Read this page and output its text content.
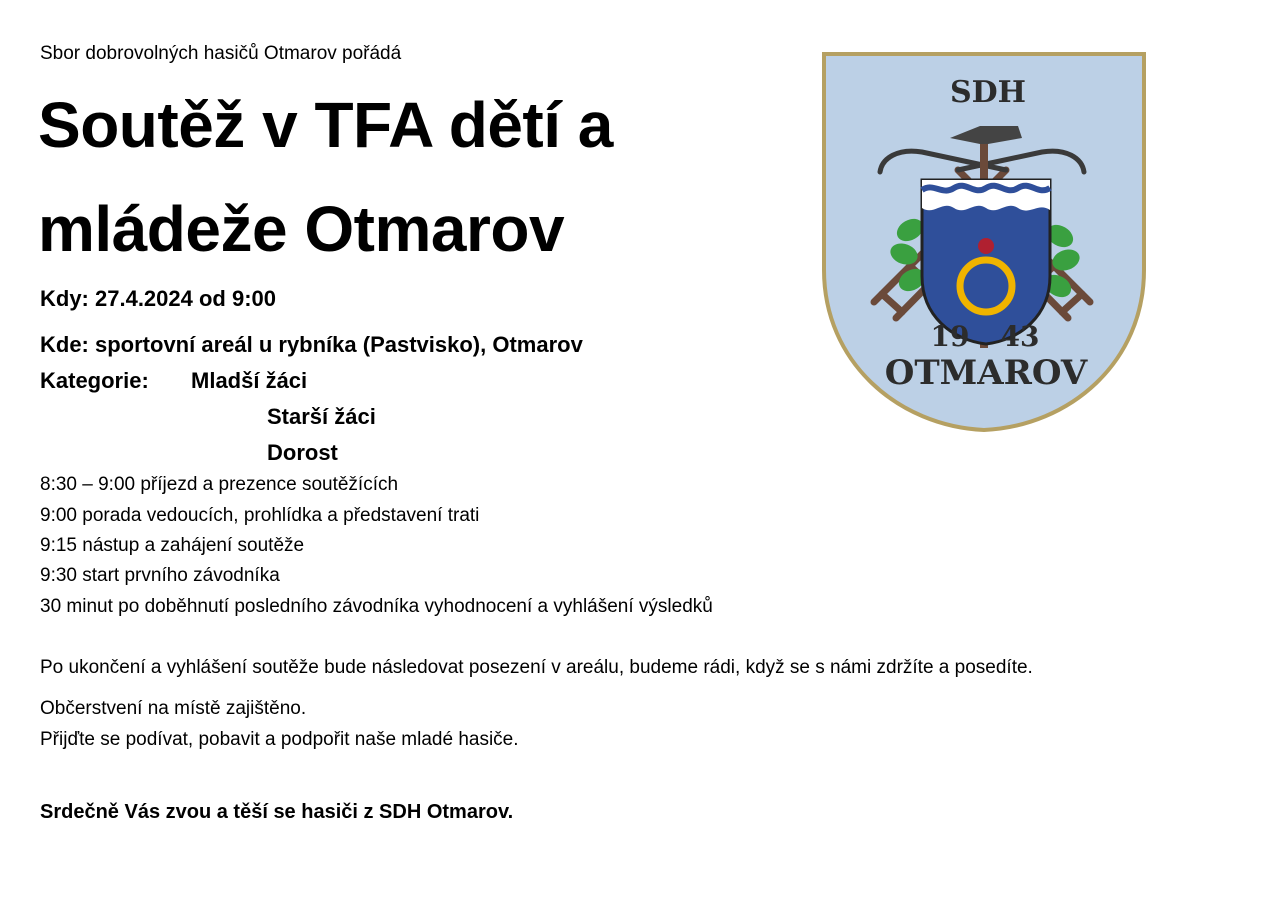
Sbor dobrovolných hasičů Otmarov pořádá
Soutěž v TFA dětí a
mládeže Otmarov
Kdy: 27.4.2024 od 9:00
Kde: sportovní areál u rybníka (Pastvisko), Otmarov
Kategorie: Mladší žáci
Starší žáci
Dorost
8:30 – 9:00 příjezd a prezence soutěžících
9:00 porada vedoucích, prohlídka a představení trati
9:15 nástup a zahájení soutěže
9:30 start prvního závodníka
30 minut po doběhnutí posledního závodníka vyhodnocení a vyhlášení výsledků
Po ukončení a vyhlášení soutěže bude následovat posezení v areálu, budeme rádi, když se s námi zdržíte a posedíte.
Občerstvení na místě zajištěno.
Přijďte se podívat, pobavit a podpořit naše mladé hasiče.
Srdečně Vás zvou a těší se hasiči z SDH Otmarov.
SDH
19 43
OTMAROV
